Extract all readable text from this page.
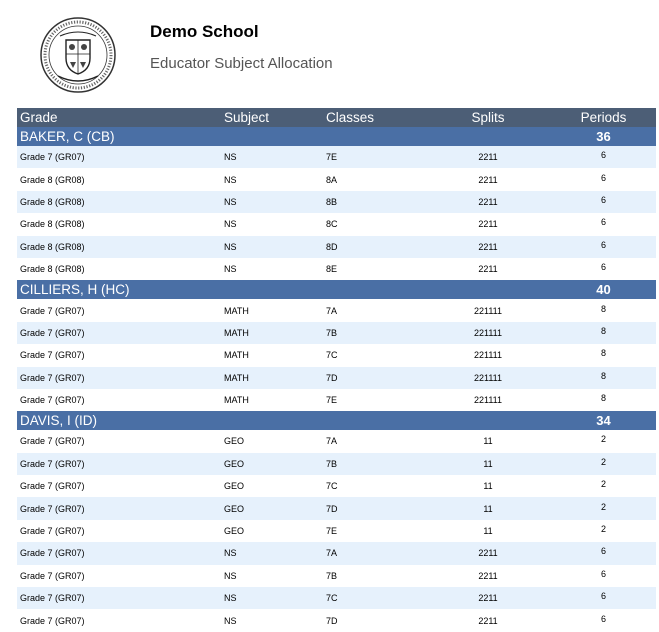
Demo School
Educator Subject Allocation
Grade	Subject	Classes	Splits	Periods
BAKER, C (CB)				36
Grade 7 (GR07)	NS	7E	2211	6
Grade 8 (GR08)	NS	8A	2211	6
Grade 8 (GR08)	NS	8B	2211	6
Grade 8 (GR08)	NS	8C	2211	6
Grade 8 (GR08)	NS	8D	2211	6
Grade 8 (GR08)	NS	8E	2211	6
CILLIERS, H (HC)				40
Grade 7 (GR07)	MATH	7A	221111	8
Grade 7 (GR07)	MATH	7B	221111	8
Grade 7 (GR07)	MATH	7C	221111	8
Grade 7 (GR07)	MATH	7D	221111	8
Grade 7 (GR07)	MATH	7E	221111	8
DAVIS, I (ID)				34
Grade 7 (GR07)	GEO	7A	11	2
Grade 7 (GR07)	GEO	7B	11	2
Grade 7 (GR07)	GEO	7C	11	2
Grade 7 (GR07)	GEO	7D	11	2
Grade 7 (GR07)	GEO	7E	11	2
Grade 7 (GR07)	NS	7A	2211	6
Grade 7 (GR07)	NS	7B	2211	6
Grade 7 (GR07)	NS	7C	2211	6
Grade 7 (GR07)	NS	7D	2211	6
